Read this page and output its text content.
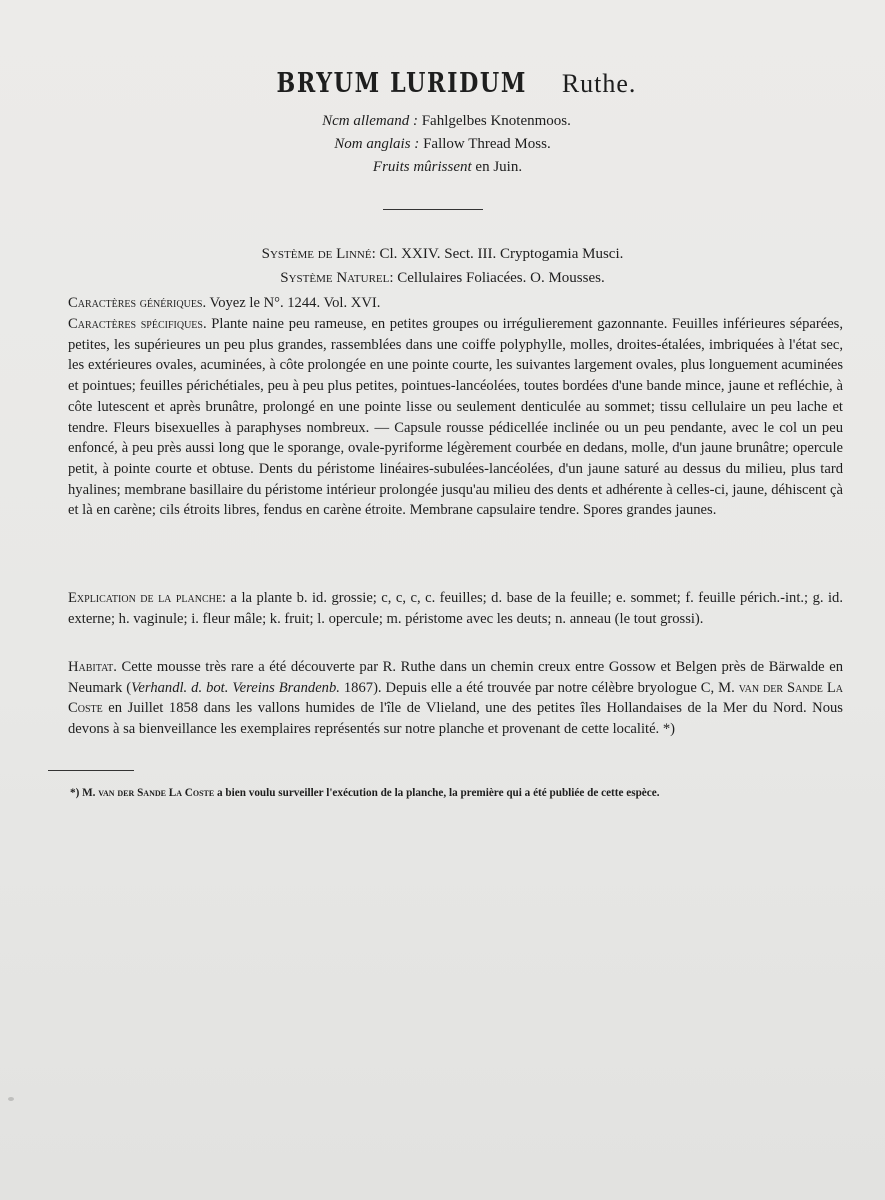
BRYUM LURIDUM Ruthe.
Ncm allemand : Fahlgelbes Knotenmoos.
Nom anglais : Fallow Thread Moss.
Fruits mûrissent en Juin.
Système de Linné: Cl. XXIV. Sect. III. Cryptogamia Musci.
Système Naturel: Cellulaires Foliacées. O. Mousses.
Caractères génériques. Voyez le N°. 1244. Vol. XVI.
Caractères spécifiques. Plante naine peu rameuse, en petites groupes ou irrégulierement gazonnante. Feuilles inférieures séparées, petites, les supérieures un peu plus grandes, rassemblées dans une coiffe polyphylle, molles, droites-étalées, imbriquées à l'état sec, les extérieures ovales, acuminées, à côte prolongée en une pointe courte, les suivantes largement ovales, plus longuement acuminées et pointues; feuilles périchétiales, peu à peu plus petites, pointues-lancéolées, toutes bordées d'une bande mince, jaune et refléchie, à côte lutescent et après brunâtre, prolongé en une pointe lisse ou seulement denticulée au sommet; tissu cellulaire un peu lache et tendre. Fleurs bisexuelles à paraphyses nombreux. — Capsule rousse pédicellée inclinée ou un peu pendante, avec le col un peu enfoncé, à peu près aussi long que le sporange, ovale-pyriforme légèrement courbée en dedans, molle, d'un jaune brunâtre; opercule petit, à pointe courte et obtuse. Dents du péristome linéaires-subulées-lancéolées, d'un jaune saturé au dessus du milieu, plus tard hyalines; membrane basillaire du péristome intérieur prolongée jusqu'au milieu des dents et adhérente à celles-ci, jaune, déhiscent çà et là en carène; cils étroits libres, fendus en carène étroite. Membrane capsulaire tendre. Spores grandes jaunes.
Explication de la planche: a la plante b. id. grossie; c, c, c, c. feuilles; d. base de la feuille; e. sommet; f. feuille périch.-int.; g. id. externe; h. vaginule; i. fleur mâle; k. fruit; l. opercule; m. péristome avec les deuts; n. anneau (le tout grossi).
Habitat. Cette mousse très rare a été découverte par R. Ruthe dans un chemin creux entre Gossow et Belgen près de Bärwalde en Neumark (Verhandl. d. bot. Vereins Brandenb. 1867). Depuis elle a été trouvée par notre célèbre bryologue C, M. van der Sande La Coste en Juillet 1858 dans les vallons humides de l'île de Vlieland, une des petites îles Hollandaises de la Mer du Nord. Nous devons à sa bienveillance les exemplaires représentés sur notre planche et provenant de cette localité. *)
*) M. van der Sande La Coste a bien voulu surveiller l'exécution de la planche, la première qui a été publiée de cette espèce.
